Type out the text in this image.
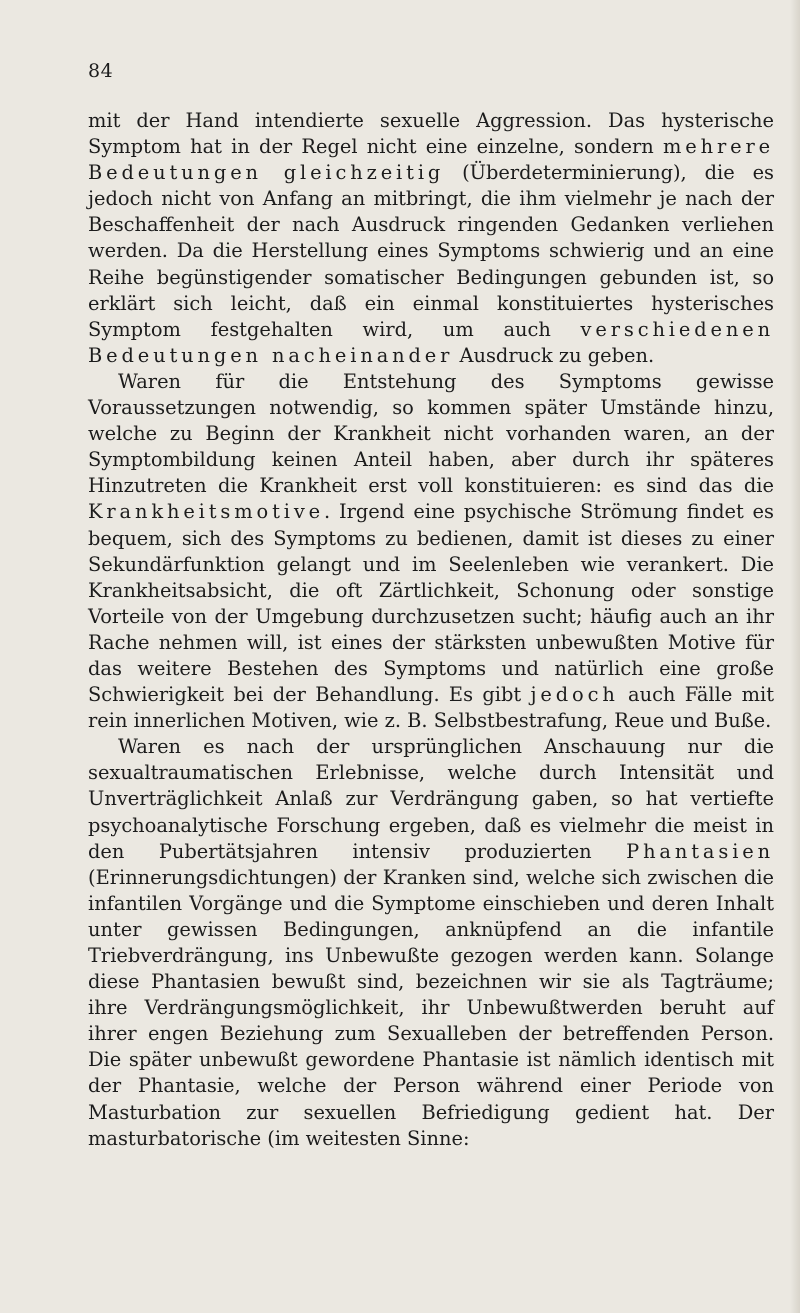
84

mit der Hand intendierte sexuelle Aggression. Das hysterische Symptom hat in der Regel nicht eine einzelne, sondern mehrere Bedeutungen gleichzeitig (Überdeterminierung), die es jedoch nicht von Anfang an mitbringt, die ihm vielmehr je nach der Beschaffenheit der nach Ausdruck ringenden Gedanken verliehen werden. Da die Herstellung eines Symptoms schwierig und an eine Reihe begünstigender somatischer Bedingungen gebunden ist, so erklärt sich leicht, daß ein einmal konstituiertes hysterisches Symptom festgehalten wird, um auch verschiedenen Bedeutungen nacheinander Ausdruck zu geben.

Waren für die Entstehung des Symptoms gewisse Voraussetzungen notwendig, so kommen später Umstände hinzu, welche zu Beginn der Krankheit nicht vorhanden waren, an der Symptombildung keinen Anteil haben, aber durch ihr späteres Hinzutreten die Krankheit erst voll konstituieren: es sind das die Krankheitsmotive. Irgend eine psychische Strömung findet es bequem, sich des Symptoms zu bedienen, damit ist dieses zu einer Sekundärfunktion gelangt und im Seelenleben wie verankert. Die Krankheitsabsicht, die oft Zärtlichkeit, Schonung oder sonstige Vorteile von der Umgebung durchzusetzen sucht; häufig auch an ihr Rache nehmen will, ist eines der stärksten unbewußten Motive für das weitere Bestehen des Symptoms und natürlich eine große Schwierigkeit bei der Behandlung. Es gibt jedoch auch Fälle mit rein innerlichen Motiven, wie z. B. Selbstbestrafung, Reue und Buße.

Waren es nach der ursprünglichen Anschauung nur die sexualtraumatischen Erlebnisse, welche durch Intensität und Unverträglichkeit Anlaß zur Verdrängung gaben, so hat vertiefte psychoanalytische Forschung ergeben, daß es vielmehr die meist in den Pubertätsjahren intensiv produzierten Phantasien (Erinnerungsdichtungen) der Kranken sind, welche sich zwischen die infantilen Vorgänge und die Symptome einschieben und deren Inhalt unter gewissen Bedingungen, anknüpfend an die infantile Triebverdrängung, ins Unbewußte gezogen werden kann. Solange diese Phantasien bewußt sind, bezeichnen wir sie als Tagträume; ihre Verdrängungsmöglichkeit, ihr Unbewußtwerden beruht auf ihrer engen Beziehung zum Sexualleben der betreffenden Person. Die später unbewußt gewordene Phantasie ist nämlich identisch mit der Phantasie, welche der Person während einer Periode von Masturbation zur sexuellen Befriedigung gedient hat. Der masturbatorische (im weitesten Sinne:
